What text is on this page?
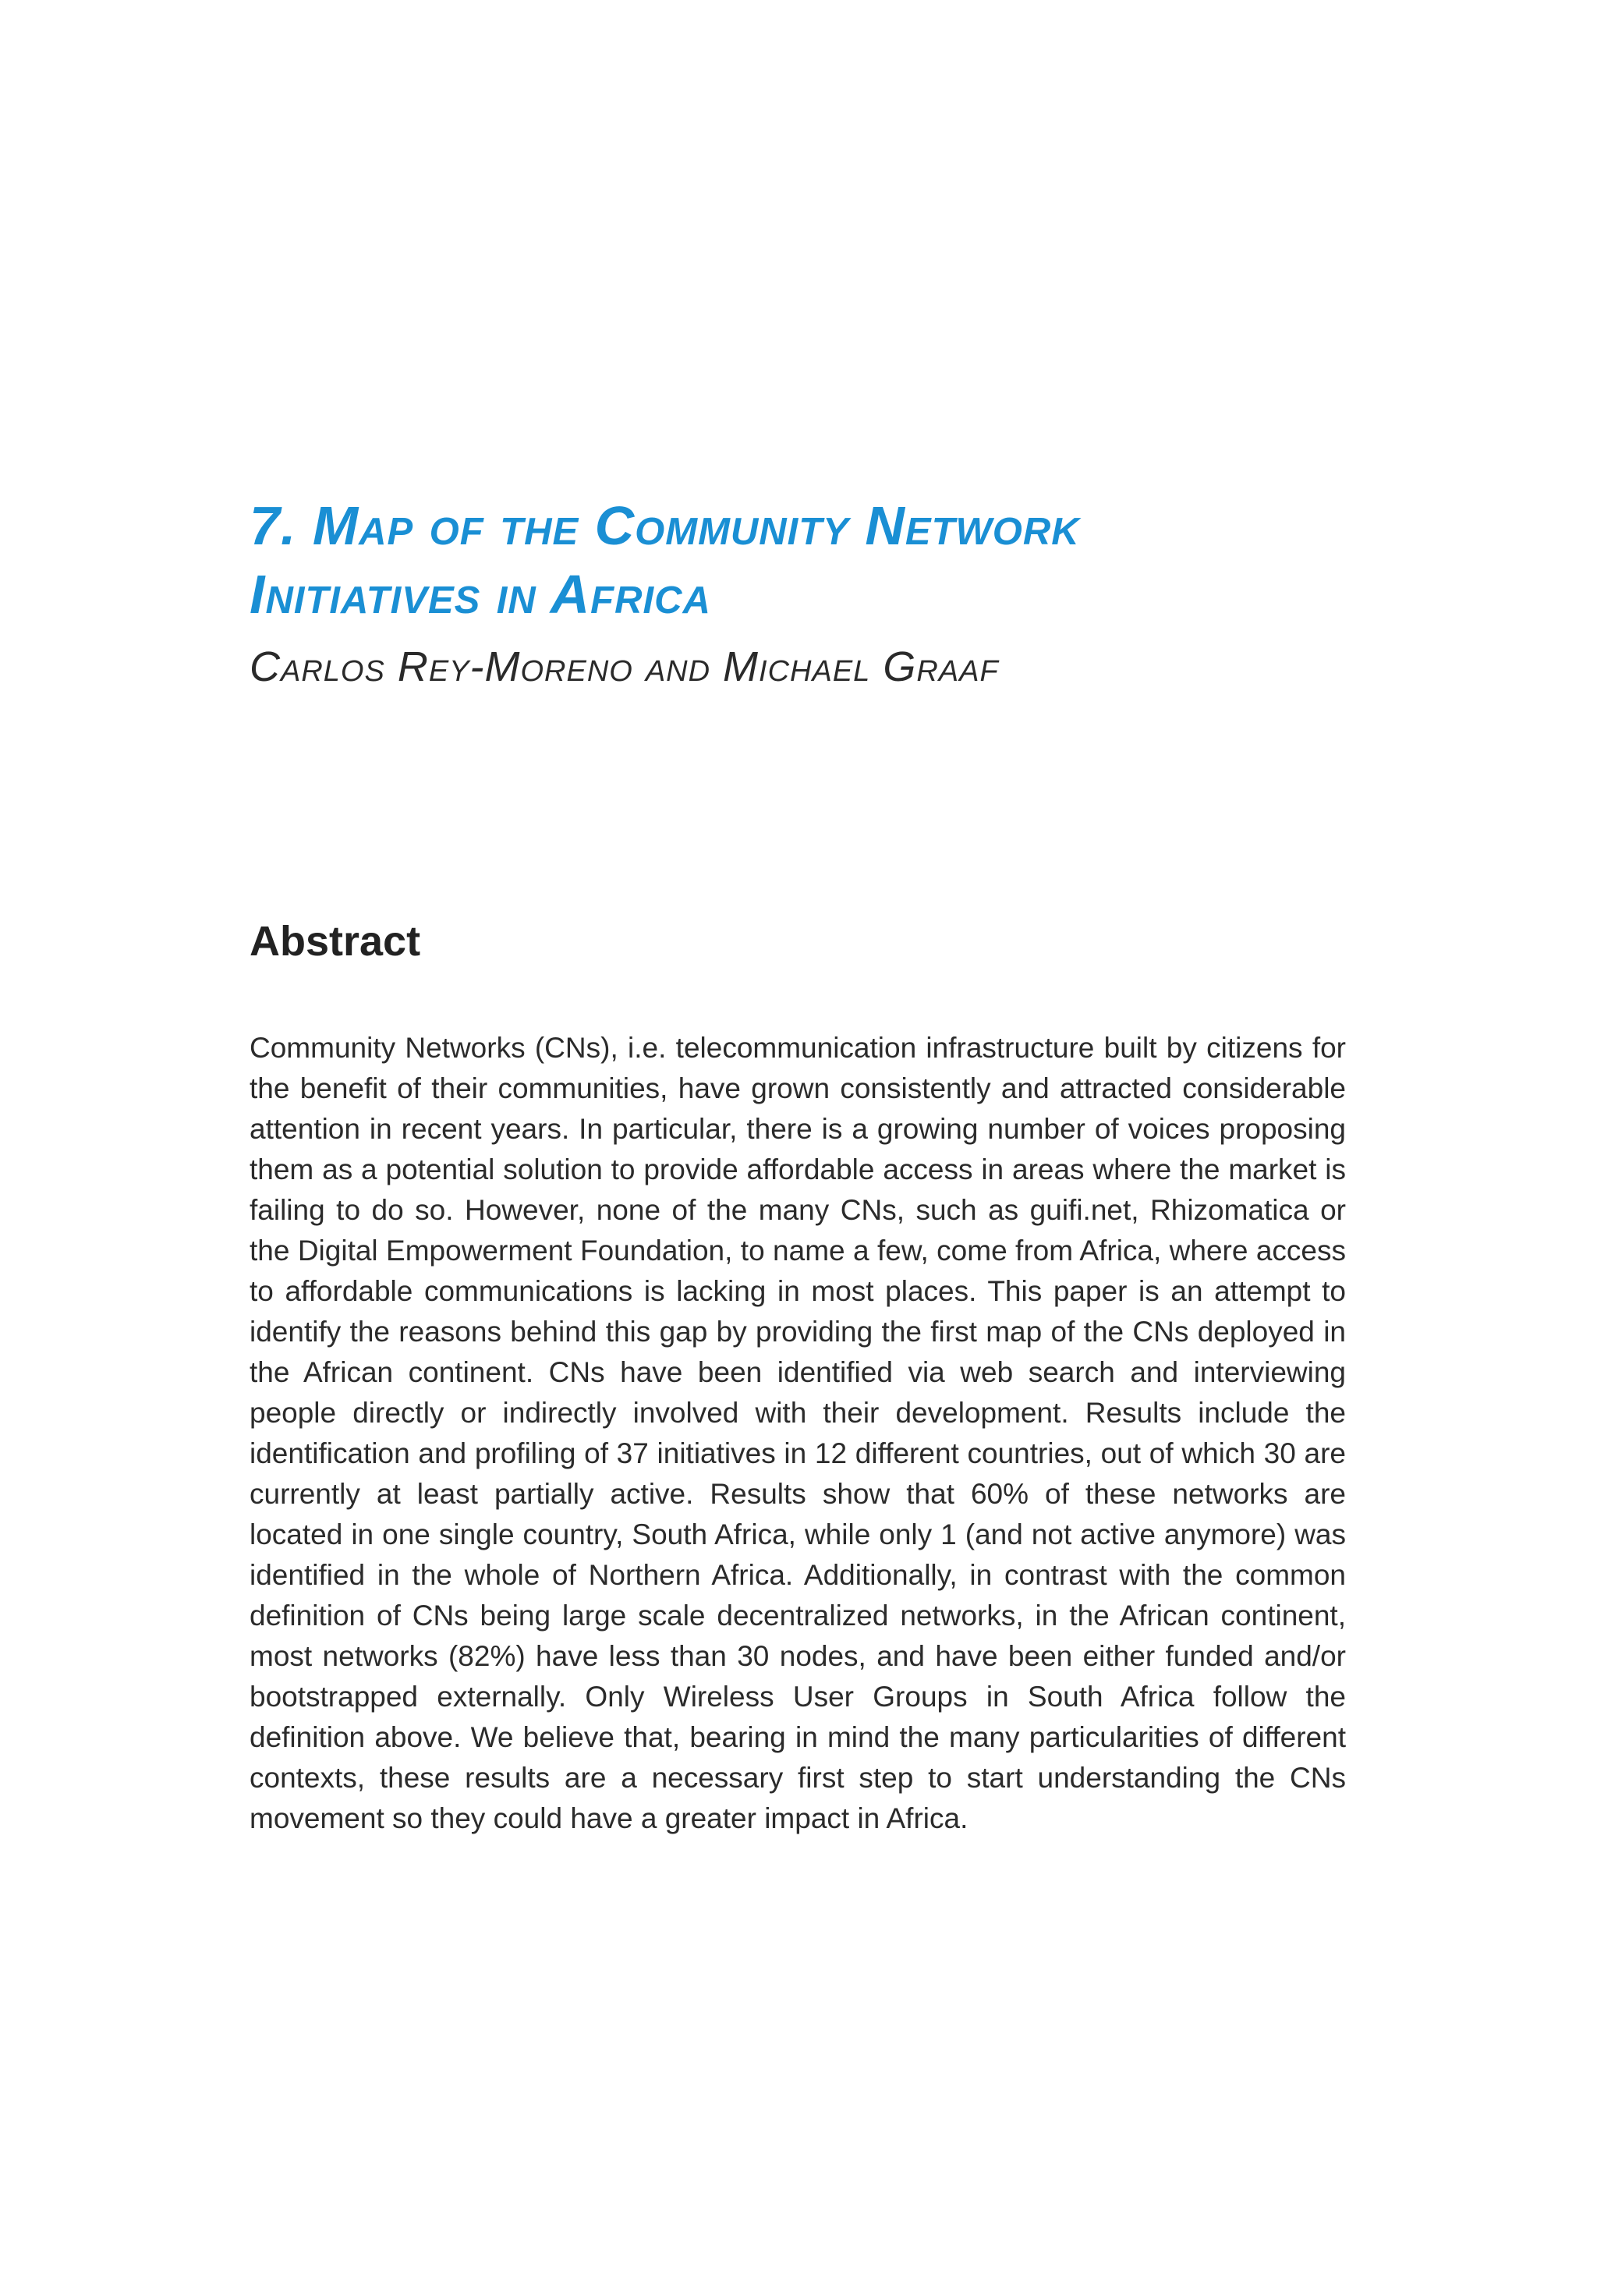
7. Map of the Community Network
Initiatives in Africa

Carlos Rey-Moreno and Michael Graaf

Abstract

Community Networks (CNs), i.e. telecommunication infrastructure built by citizens for the benefit of their communities, have grown consistently and attracted considerable attention in recent years. In particular, there is a growing number of voices proposing them as a potential solution to provide affordable access in areas where the market is failing to do so. However, none of the many CNs, such as guifi.net, Rhizomatica or the Digital Empowerment Foundation, to name a few, come from Africa, where access to affordable communications is lacking in most places. This paper is an attempt to identify the reasons behind this gap by providing the first map of the CNs deployed in the African continent. CNs have been identified via web search and interviewing people directly or indirectly involved with their development. Results include the identification and profiling of 37 initiatives in 12 different countries, out of which 30 are currently at least partially active. Results show that 60% of these networks are located in one single country, South Africa, while only 1 (and not active anymore) was identified in the whole of Northern Africa. Additionally, in contrast with the common definition of CNs being large scale decentralized networks, in the African continent, most networks (82%) have less than 30 nodes, and have been either funded and/or bootstrapped externally. Only Wireless User Groups in South Africa follow the definition above. We believe that, bearing in mind the many particularities of different contexts, these results are a necessary first step to start understanding the CNs movement so they could have a greater impact in Africa.
